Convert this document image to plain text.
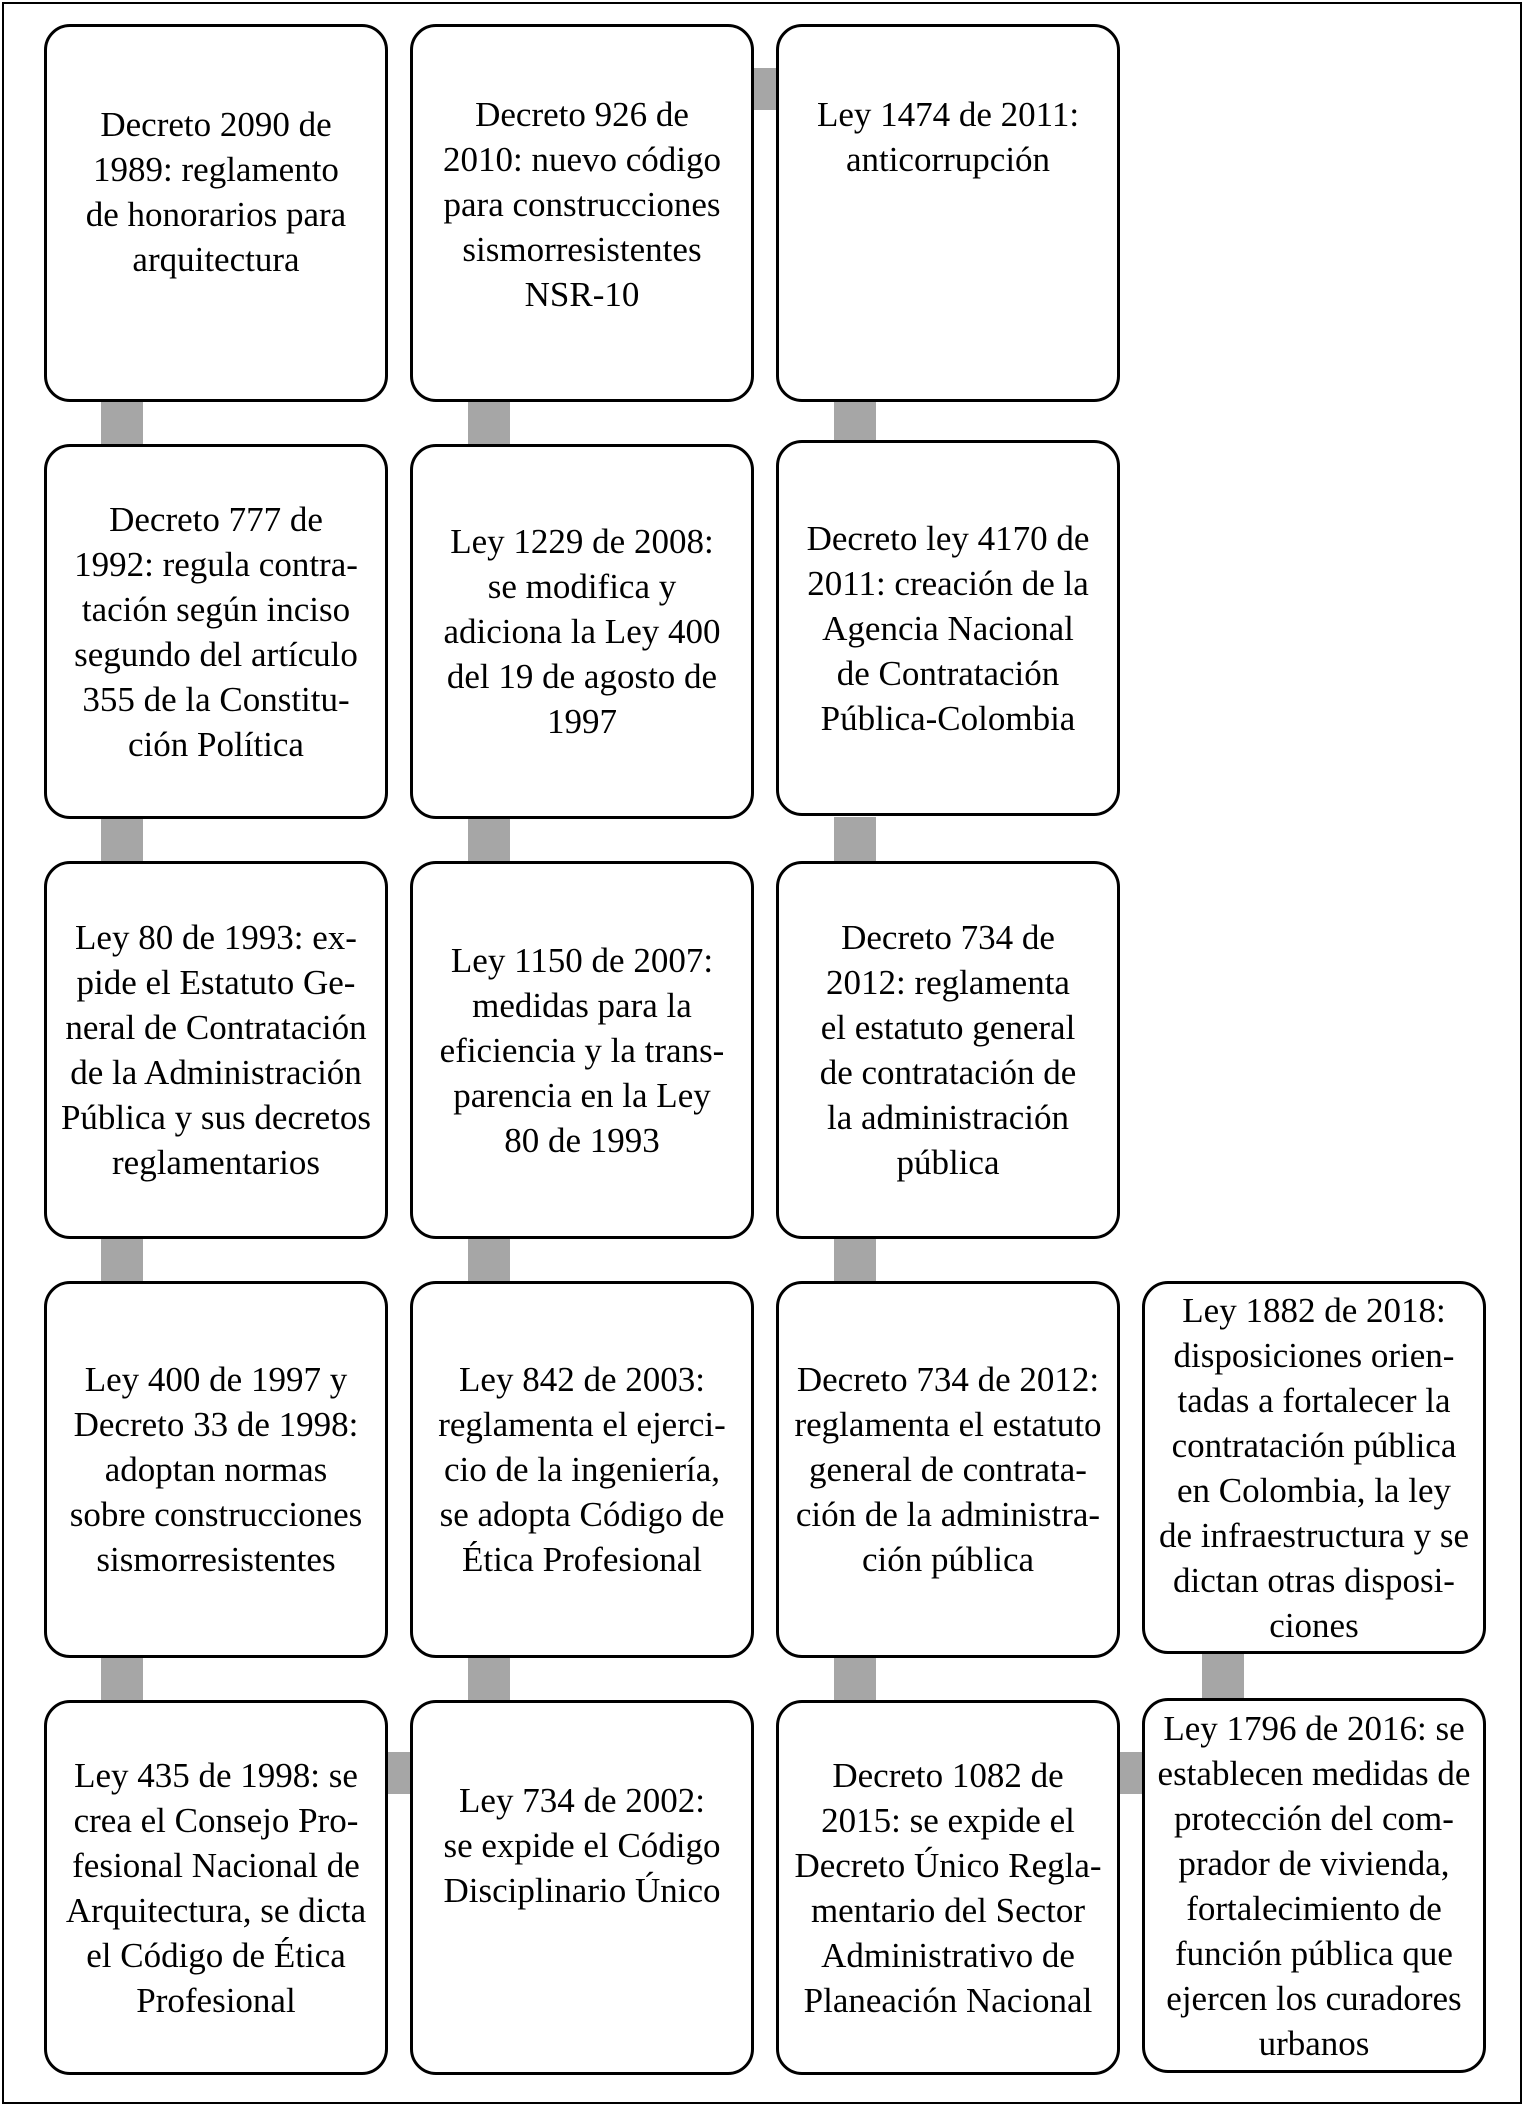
Decreto 2090 de
1989: reglamento
de honorarios para
arquitectura
Decreto 777 de
1992: regula contra-
tación según inciso
segundo del artículo
355 de la Constitu-
ción Política
Ley 80 de 1993: ex-
pide el Estatuto Ge-
neral de Contratación
de la Administración
Pública y sus decretos
reglamentarios
Ley 400 de 1997 y
Decreto 33 de 1998:
adoptan normas
sobre construcciones
sismorresistentes
Ley 435 de 1998: se
crea el Consejo Pro-
fesional Nacional de
Arquitectura, se dicta
el Código de Ética
Profesional
Decreto 926 de
2010: nuevo código
para construcciones
sismorresistentes
NSR-10
Ley 1229 de 2008:
se modifica y
adiciona la Ley 400
del 19 de agosto de
1997
Ley 1150 de 2007:
medidas para la
eficiencia y la trans-
parencia en la Ley
80 de 1993
Ley 842 de 2003:
reglamenta el ejerci-
cio de la ingeniería,
se adopta Código de
Ética Profesional
Ley 734 de 2002:
se expide el Código
Disciplinario Único
Ley 1474 de 2011:
anticorrupción
Decreto ley 4170 de
2011: creación de la
Agencia Nacional
de Contratación
Pública-Colombia
Decreto 734 de
2012: reglamenta
el estatuto general
de contratación de
la administración
pública
Decreto 734 de 2012:
reglamenta el estatuto
general de contrata-
ción de la administra-
ción pública
Decreto 1082 de
2015: se expide el
Decreto Único Regla-
mentario del Sector
Administrativo de
Planeación Nacional
Ley 1882 de 2018:
disposiciones orien-
tadas a fortalecer la
contratación pública
en Colombia, la ley
de infraestructura y se
dictan otras disposi-
ciones
Ley 1796 de 2016: se
establecen medidas de
protección del com-
prador de vivienda,
fortalecimiento de
función pública que
ejercen los curadores
urbanos
